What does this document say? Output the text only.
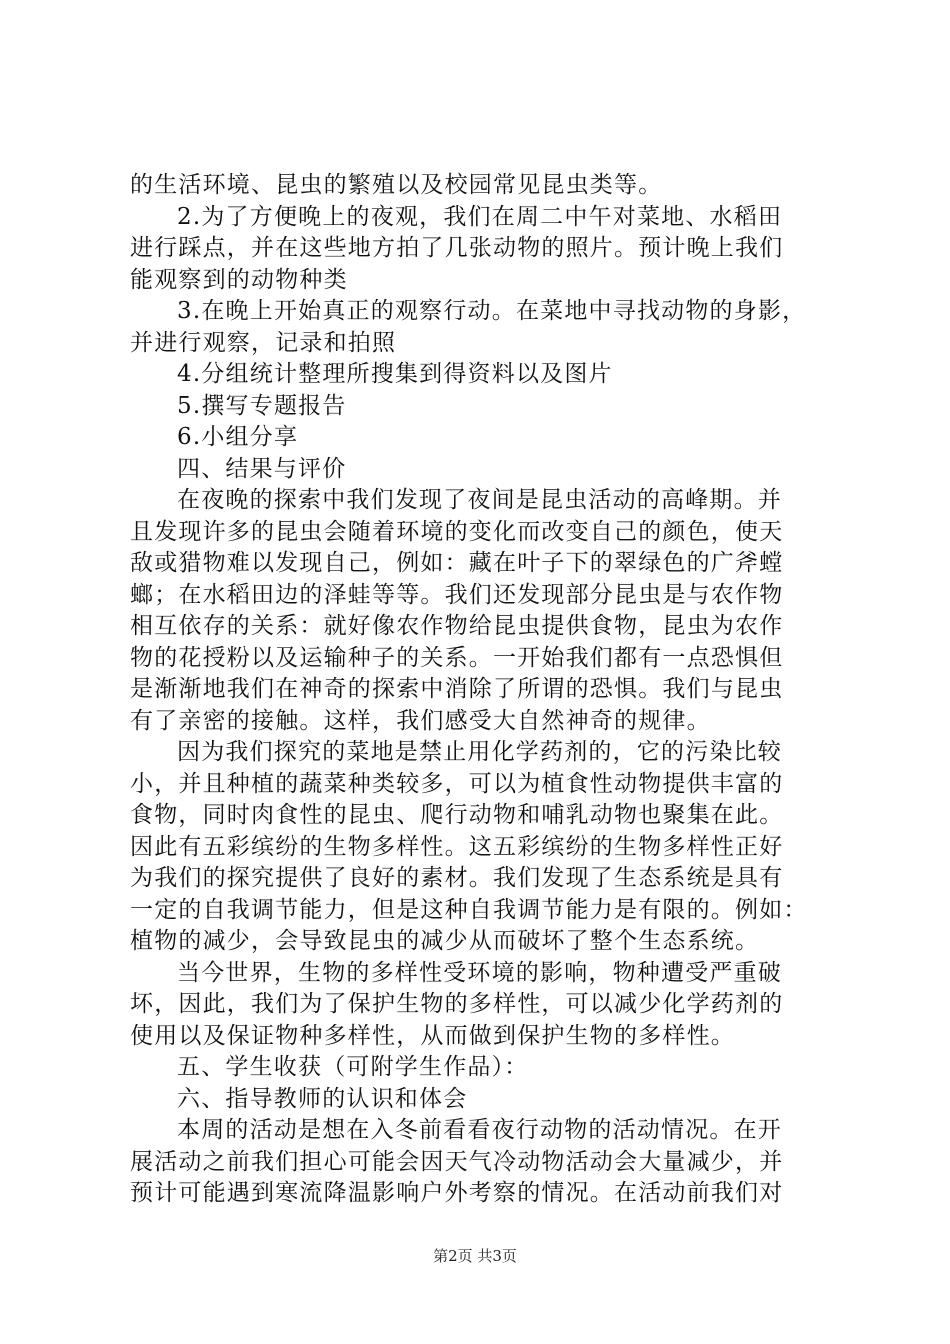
的生活环境、昆虫的繁殖以及校园常见昆虫类等。
2.为了方便晚上的夜观，我们在周二中午对菜地、水稻田
进行踩点，并在这些地方拍了几张动物的照片。预计晚上我们
能观察到的动物种类
3.在晚上开始真正的观察行动。在菜地中寻找动物的身影，
并进行观察，记录和拍照
4.分组统计整理所搜集到得资料以及图片
5.撰写专题报告
6.小组分享
四、结果与评价
在夜晚的探索中我们发现了夜间是昆虫活动的高峰期。并
且发现许多的昆虫会随着环境的变化而改变自己的颜色，使天
敌或猎物难以发现自己，例如：藏在叶子下的翠绿色的广斧螳
螂；在水稻田边的泽蛙等等。我们还发现部分昆虫是与农作物
相互依存的关系：就好像农作物给昆虫提供食物，昆虫为农作
物的花授粉以及运输种子的关系。一开始我们都有一点恐惧但
是渐渐地我们在神奇的探索中消除了所谓的恐惧。我们与昆虫
有了亲密的接触。这样，我们感受大自然神奇的规律。
因为我们探究的菜地是禁止用化学药剂的，它的污染比较
小，并且种植的蔬菜种类较多，可以为植食性动物提供丰富的
食物，同时肉食性的昆虫、爬行动物和哺乳动物也聚集在此。
因此有五彩缤纷的生物多样性。这五彩缤纷的生物多样性正好
为我们的探究提供了良好的素材。我们发现了生态系统是具有
一定的自我调节能力，但是这种自我调节能力是有限的。例如：
植物的减少，会导致昆虫的减少从而破坏了整个生态系统。
当今世界，生物的多样性受环境的影响，物种遭受严重破
坏，因此，我们为了保护生物的多样性，可以减少化学药剂的
使用以及保证物种多样性，从而做到保护生物的多样性。
五、学生收获（可附学生作品）：
六、指导教师的认识和体会
本周的活动是想在入冬前看看夜行动物的活动情况。在开
展活动之前我们担心可能会因天气冷动物活动会大量减少，并
预计可能遇到寒流降温影响户外考察的情况。在活动前我们对
第2页 共3页
